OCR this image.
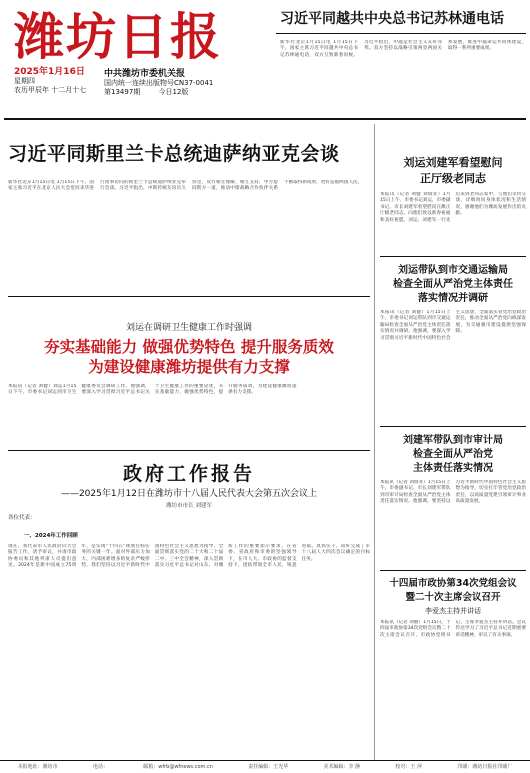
潍坊日报
2025年1月16日
星期四
农历甲辰年 十二月十七
中共潍坊市委机关报
国内统一连续出版物号CN37-0041
第13497期	今日12版
习近平同越共中央总书记苏林通电话
新华社北京1月15日电 1月15日下午，国家主席习近平同越共中央总书记苏林通电话，双方互致新春问候。习近平指出，中越是社会主义友好邻邦。双方坚持以战略引领两党两国关系发展，推进中越命运共同体建设，取得一系列重要成果。
习近平同斯里兰卡总统迪萨纳亚克会谈
新华社北京1月15日电 1月15日下午，国家主席习近平在北京人民大会堂同来华进行国事访问的斯里兰卡总统迪萨纳亚克举行会谈。习近平指出，中斯传统友谊历久弥坚，双方相互理解、相互支持，中方愿同斯方一道，推动中斯战略合作伙伴关系不断取得新成果，更好造福两国人民。
刘运在调研卫生健康工作时强调
夯实基础能力 做强优势特色 提升服务质效
为建设健康潍坊提供有力支撑
本报讯（记者 刘健）刘运1月15日下午，市委书记刘运到市卫生健康委员会调研工作。他强调，要深入学习贯彻习近平总书记关于卫生健康工作的重要论述，夯实基础能力，做强优势特色，提升服务质效，为建设健康潍坊提供有力支撑。
政府工作报告
——2025年1月12日在潍坊市十八届人民代表大会第五次会议上
潍坊市市长 刘建军
各位代表：
一、2024年工作回顾
现在，我代表市人民政府向大会报告工作，请予审议，并请市政协委员和其他列席人员提出意见。2024年是新中国成立75周年，是实现“十四五”规划目标任务的关键一年。面对外部压力加大、内部困难增多的复杂严峻形势，我们坚持以习近平新时代中国特色社会主义思想为指导，全面贯彻落实党的二十大和二十届二中、三中全会精神，深入贯彻落实习近平总书记对山东、对潍坊工作的重要指示要求，在省委、省政府和市委的坚强领导下，在市人大、市政协的监督支持下，团结带领全市人民，锐意进取、真抓实干，较好完成了市十八届人大四次会议确定的目标任务。
刘运刘建军看望慰问
正厅级老同志
本报讯（记者 刘健 刘瑞亚）1月15日上午，市委书记刘运，市委副书记、市长刘建军看望慰问在潍正厅级老同志，向他们致以新春祝福和美好祝愿。刘运、刘建军一行先后来到老同志家中，与他们亲切交谈，详细询问身体状况和生活情况，感谢他们为潍坊发展作出的贡献。
刘运带队到市交通运输局
检查全面从严治党主体责任
落实情况并调研
本报讯（记者 刘健）1月15日上午，市委书记刘运带队到市交通运输局检查全面从严治党主体责任落实情况并调研。他强调，要深入学习贯彻习近平新时代中国特色社会主义思想，全面落实管党治党政治责任，推动全面从严治党向纵深发展，为交通强市建设提供坚强保障。
刘建军带队到市审计局
检查全面从严治党
主体责任落实情况
本报讯（记者 刘瑞亚）1月15日上午，市委副书记、市长刘建军带队到市审计局检查全面从严治党主体责任落实情况。他强调，要坚持以习近平新时代中国特色社会主义思想为指导，切实扛牢管党治党政治责任，以高质量党建引领审计事业高质量发展。
十四届市政协第34次党组会议
暨二十次主席会议召开
李爱杰主持并讲话
本报讯（记者 刘丽）1月15日，十四届市政协第34次党组会议暨二十次主席会议召开，市政协党组书记、主席李爱杰主持并讲话。会议传达学习了习近平总书记近期重要讲话精神，审议了有关事项。
本报地址：潍坊市	电话：	邮箱：wfrb@wfnews.com.cn	责任编辑：王光华	美术编辑：李 静	校对：王 萍	印刷：潍坊日报社印刷厂
